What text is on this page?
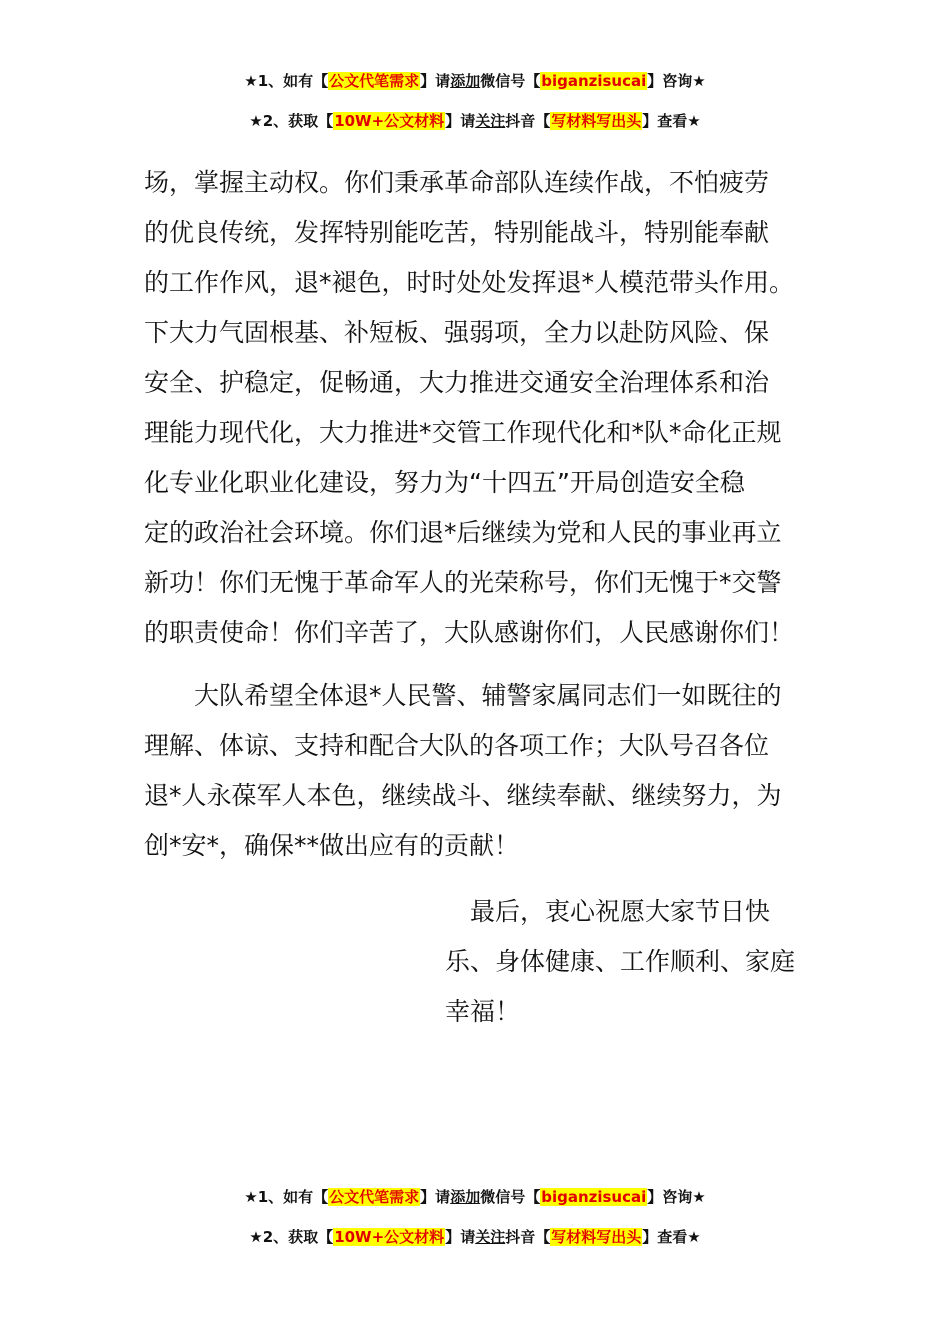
★1、如有【公文代笔需求】请添加微信号【biganzisucai】咨询★
★2、获取【10W+公文材料】请关注抖音【写材料写出头】查看★
场，掌握主动权。你们秉承革命部队连续作战，不怕疲劳
的优良传统，发挥特别能吃苦，特别能战斗，特别能奉献
的工作作风，退*褪色，时时处处发挥退*人模范带头作用。
下大力气固根基、补短板、强弱项，全力以赴防风险、保
安全、护稳定，促畅通，大力推进交通安全治理体系和治
理能力现代化，大力推进*交管工作现代化和*队*命化正规
化专业化职业化建设，努力为“十四五”开局创造安全稳
定的政治社会环境。你们退*后继续为党和人民的事业再立
新功！你们无愧于革命军人的光荣称号，你们无愧于*交警
的职责使命！你们辛苦了，大队感谢你们，人民感谢你们！
　　大队希望全体退*人民警、辅警家属同志们一如既往的
理解、体谅、支持和配合大队的各项工作；大队号召各位
退*人永葆军人本色，继续战斗、继续奉献、继续努力，为
创*安*，确保**做出应有的贡献！
　最后，衷心祝愿大家节日快
乐、身体健康、工作顺利、家庭
幸福！
★1、如有【公文代笔需求】请添加微信号【biganzisucai】咨询★
★2、获取【10W+公文材料】请关注抖音【写材料写出头】查看★
